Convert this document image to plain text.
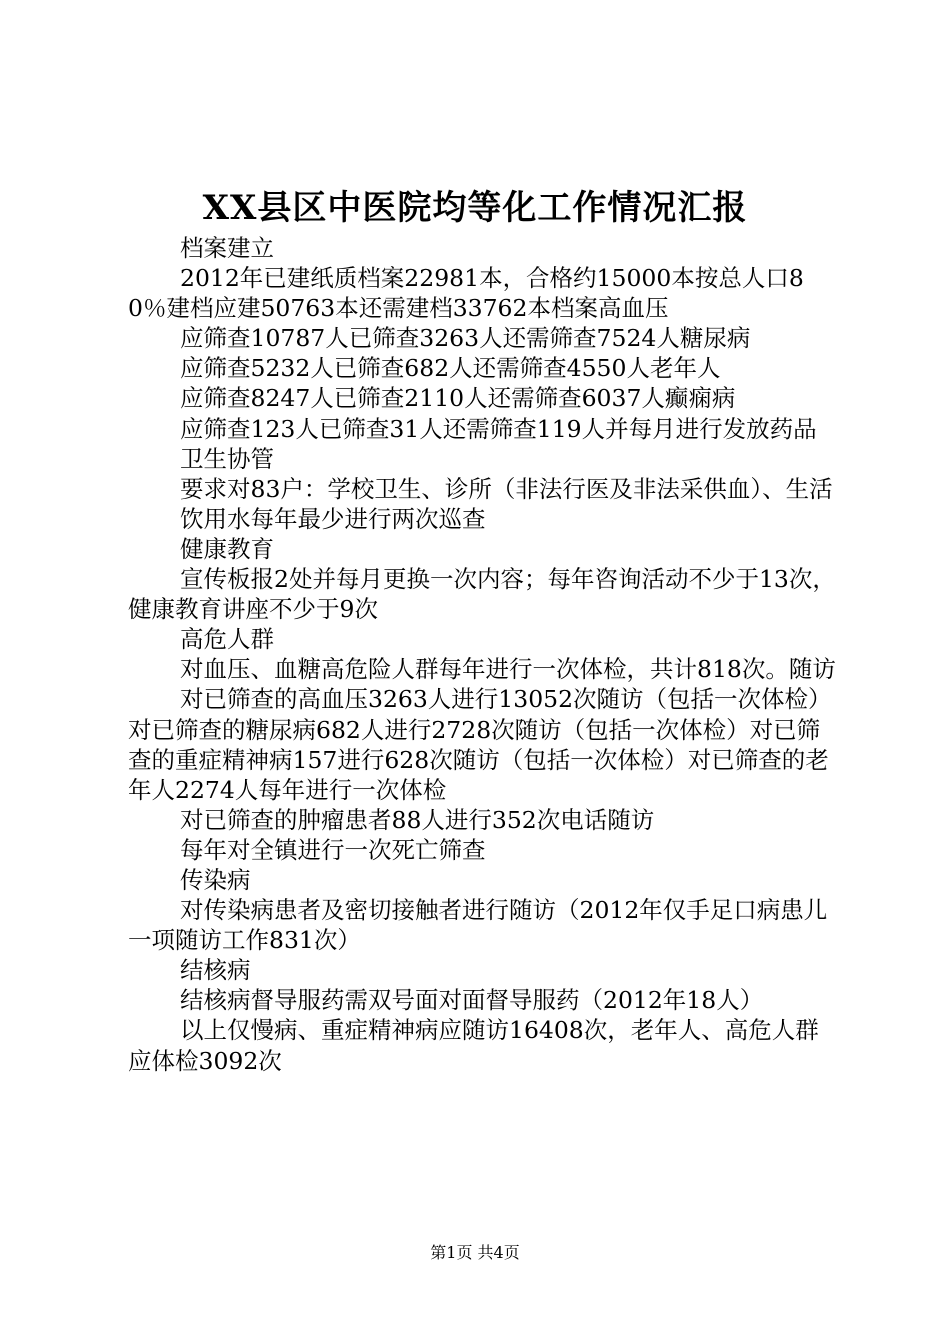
XX县区中医院均等化工作情况汇报

档案建立

2012年已建纸质档案22981本，合格约15000本按总人口80％建档应建50763本还需建档33762本档案高血压

应筛查10787人已筛查3263人还需筛查7524人糖尿病

应筛查5232人已筛查682人还需筛查4550人老年人

应筛查8247人已筛查2110人还需筛查6037人癫痫病

应筛查123人已筛查31人还需筛查119人并每月进行发放药品

卫生协管

要求对83户：学校卫生、诊所（非法行医及非法采供血）、生活

饮用水每年最少进行两次巡查

健康教育

宣传板报2处并每月更换一次内容；每年咨询活动不少于13次，健康教育讲座不少于9次

高危人群

对血压、血糖高危险人群每年进行一次体检，共计818次。随访

对已筛查的高血压3263人进行13052次随访（包括一次体检）对已筛查的糖尿病682人进行2728次随访（包括一次体检）对已筛查的重症精神病157进行628次随访（包括一次体检）对已筛查的老年人2274人每年进行一次体检

对已筛查的肿瘤患者88人进行352次电话随访

每年对全镇进行一次死亡筛查

传染病

对传染病患者及密切接触者进行随访（2012年仅手足口病患儿一项随访工作831次）

结核病

结核病督导服药需双号面对面督导服药（2012年18人）

以上仅慢病、重症精神病应随访16408次，老年人、高危人群应体检3092次

第1页 共4页
